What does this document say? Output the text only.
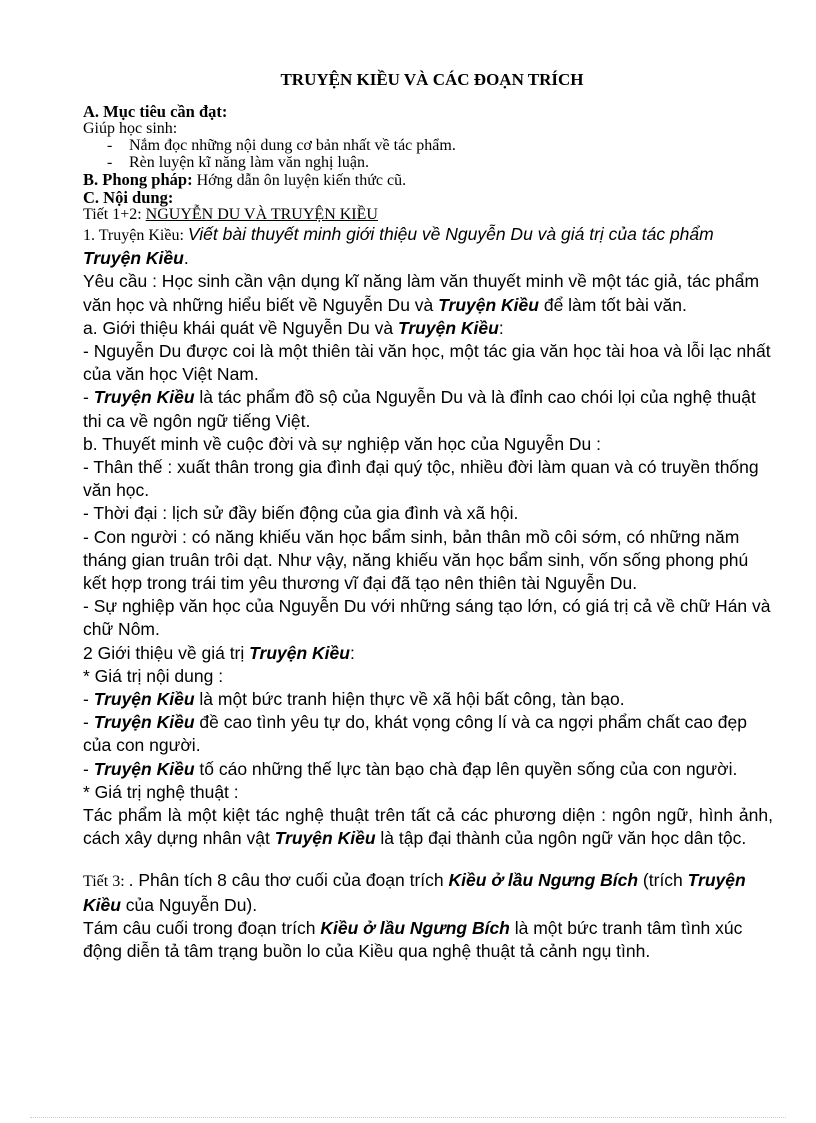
TRUYỆN KIỀU VÀ CÁC ĐOẠN TRÍCH
A. Mục tiêu cần đạt:
Giúp học sinh:
- Nắm đọc những nội dung cơ bản nhất về tác phẩm.
- Rèn luyện kĩ năng làm văn nghị luận.
B. Phong pháp: Hớng dẫn ôn luyện kiến thức cũ.
C. Nội dung:
Tiết 1+2: NGUYỄN DU VÀ TRUYỆN KIỀU
1. Truyện Kiều: Viết bài thuyết minh giới thiệu về Nguyễn Du và giá trị của tác phẩm Truyện Kiều.
Yêu cầu : Học sinh cần vận dụng kĩ năng làm văn thuyết minh về một tác giả, tác phẩm văn học và những hiểu biết về Nguyễn Du và Truyện Kiều để làm tốt bài văn.
a. Giới thiệu khái quát về Nguyễn Du và Truyện Kiều:
- Nguyễn Du được coi là một thiên tài văn học, một tác gia văn học tài hoa và lỗi lạc nhất của văn học Việt Nam.
- Truyện Kiều là tác phẩm đồ sộ của Nguyễn Du và là đỉnh cao chói lọi của nghệ thuật thi ca về ngôn ngữ tiếng Việt.
b. Thuyết minh về cuộc đời và sự nghiệp văn học của Nguyễn Du :
- Thân thế : xuất thân trong gia đình đại quý tộc, nhiều đời làm quan và có truyền thống văn học.
- Thời đại : lịch sử đầy biến động của gia đình và xã hội.
- Con người : có năng khiếu văn học bẩm sinh, bản thân mồ côi sớm, có những năm tháng gian truân trôi dạt. Như vậy, năng khiếu văn học bẩm sinh, vốn sống phong phú kết hợp trong trái tim yêu thương vĩ đại đã tạo nên thiên tài Nguyễn Du.
- Sự nghiệp văn học của Nguyễn Du với những sáng tạo lớn, có giá trị cả về chữ Hán và chữ Nôm.
2 Giới thiệu về giá trị Truyện Kiều:
* Giá trị nội dung :
- Truyện Kiều là một bức tranh hiện thực về xã hội bất công, tàn bạo.
- Truyện Kiều đề cao tình yêu tự do, khát vọng công lí và ca ngợi phẩm chất cao đẹp của con người.
- Truyện Kiều tố cáo những thế lực tàn bạo chà đạp lên quyền sống của con người.
* Giá trị nghệ thuật :
Tác phẩm là một kiệt tác nghệ thuật trên tất cả các phương diện : ngôn ngữ, hình ảnh, cách xây dựng nhân vật Truyện Kiều là tập đại thành của ngôn ngữ văn học dân tộc.
Tiết 3: . Phân tích 8 câu thơ cuối của đoạn trích Kiều ở lầu Ngưng Bích (trích Truyện Kiều của Nguyễn Du).
Tám câu cuối trong đoạn trích Kiều ở lầu Ngưng Bích là một bức tranh tâm tình xúc động diễn tả tâm trạng buồn lo của Kiều qua nghệ thuật tả cảnh ngụ tình.
